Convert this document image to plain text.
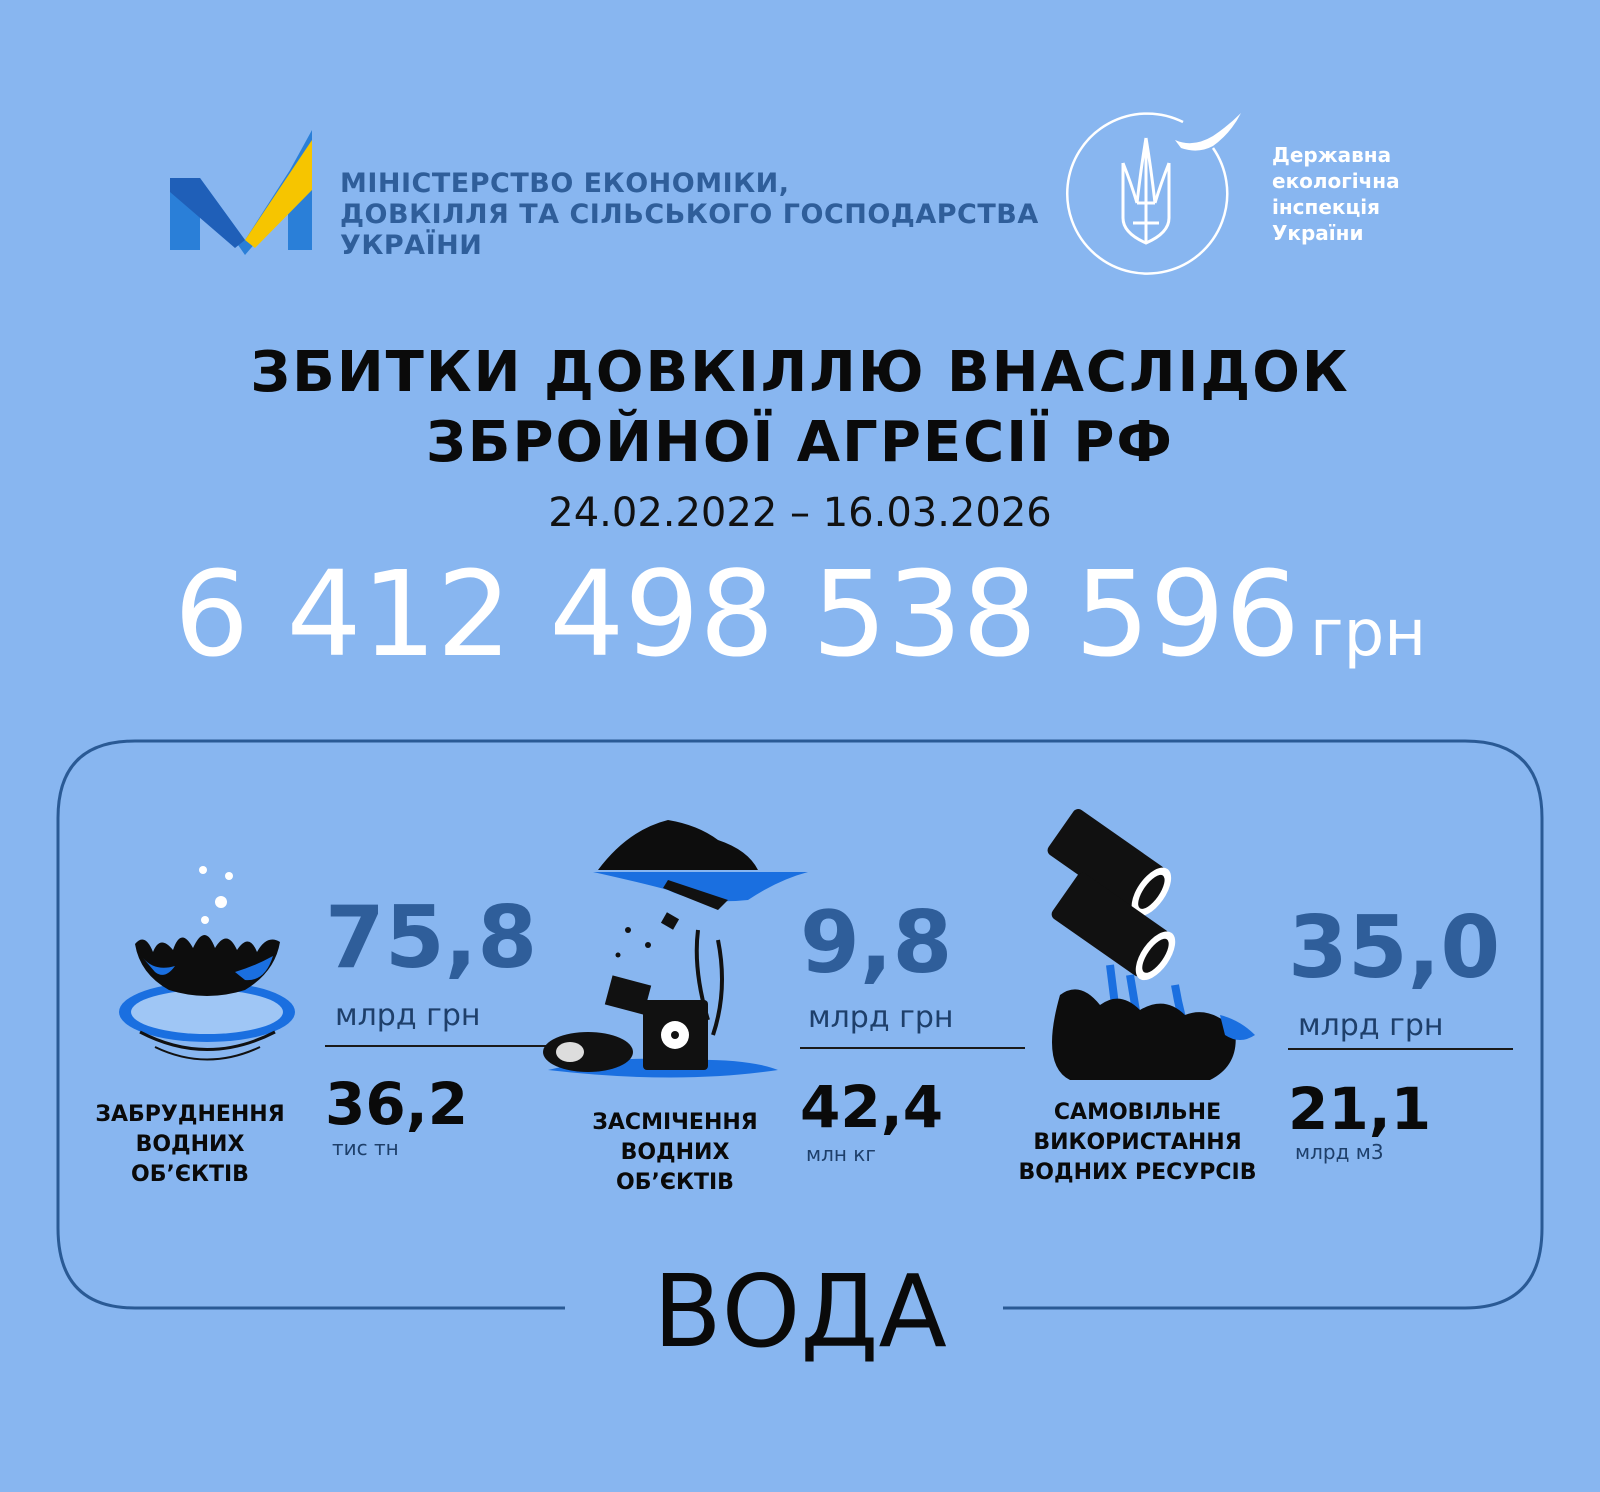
МІНІСТЕРСТВО ЕКОНОМІКИ,
ДОВКІЛЛЯ ТА СІЛЬСЬКОГО ГОСПОДАРСТВА
УКРАЇНИ
Державна
екологічна
інспекція
України
ЗБИТКИ ДОВКІЛЛЮ ВНАСЛІДОК
ЗБРОЙНОЇ АГРЕСІЇ РФ
24.02.2022 – 16.03.2026
6 412 498 538 596 грн
ВОДА
75,8
млрд грн
36,2
тис тн
ЗАБРУДНЕННЯ
ВОДНИХ
ОБ’ЄКТІВ
9,8
млрд грн
42,4
млн кг
ЗАСМІЧЕННЯ
ВОДНИХ
ОБ’ЄКТІВ
35,0
млрд грн
21,1
млрд м3
САМОВІЛЬНЕ
ВИКОРИСТАННЯ
ВОДНИХ РЕСУРСІВ
